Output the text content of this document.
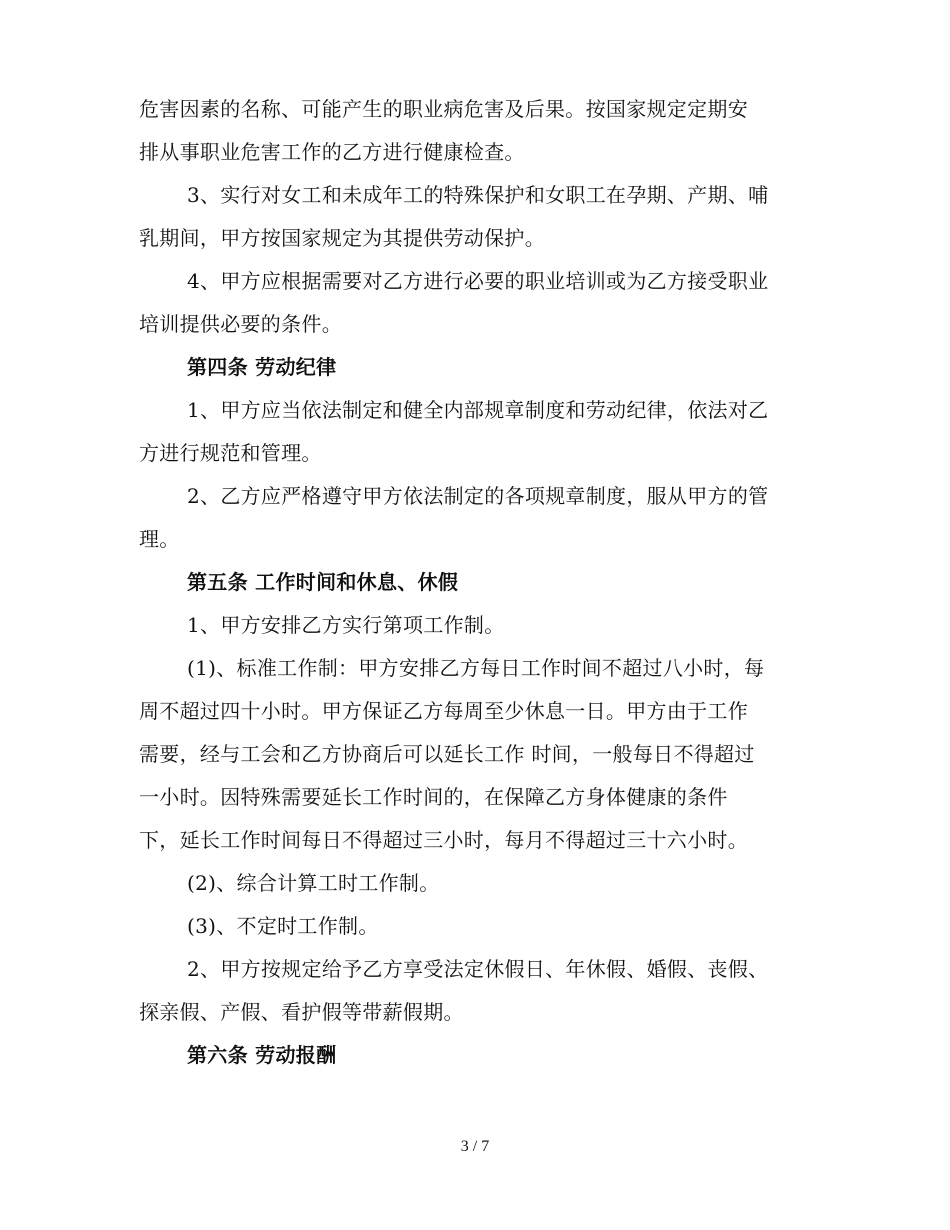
危害因素的名称、可能产生的职业病危害及后果。按国家规定定期安
排从事职业危害工作的乙方进行健康检查。
3、实行对女工和未成年工的特殊保护和女职工在孕期、产期、哺
乳期间，甲方按国家规定为其提供劳动保护。
4、甲方应根据需要对乙方进行必要的职业培训或为乙方接受职业
培训提供必要的条件。
第四条 劳动纪律
1、甲方应当依法制定和健全内部规章制度和劳动纪律，依法对乙
方进行规范和管理。
2、乙方应严格遵守甲方依法制定的各项规章制度，服从甲方的管
理。
第五条 工作时间和休息、休假
1、甲方安排乙方实行第项工作制。
(1)、标准工作制：甲方安排乙方每日工作时间不超过八小时，每
周不超过四十小时。甲方保证乙方每周至少休息一日。甲方由于工作
需要，经与工会和乙方协商后可以延长工作 时间，一般每日不得超过
一小时。因特殊需要延长工作时间的，在保障乙方身体健康的条件
下，延长工作时间每日不得超过三小时，每月不得超过三十六小时。
(2)、综合计算工时工作制。
(3)、不定时工作制。
2、甲方按规定给予乙方享受法定休假日、年休假、婚假、丧假、
探亲假、产假、看护假等带薪假期。
第六条 劳动报酬
3 / 7
